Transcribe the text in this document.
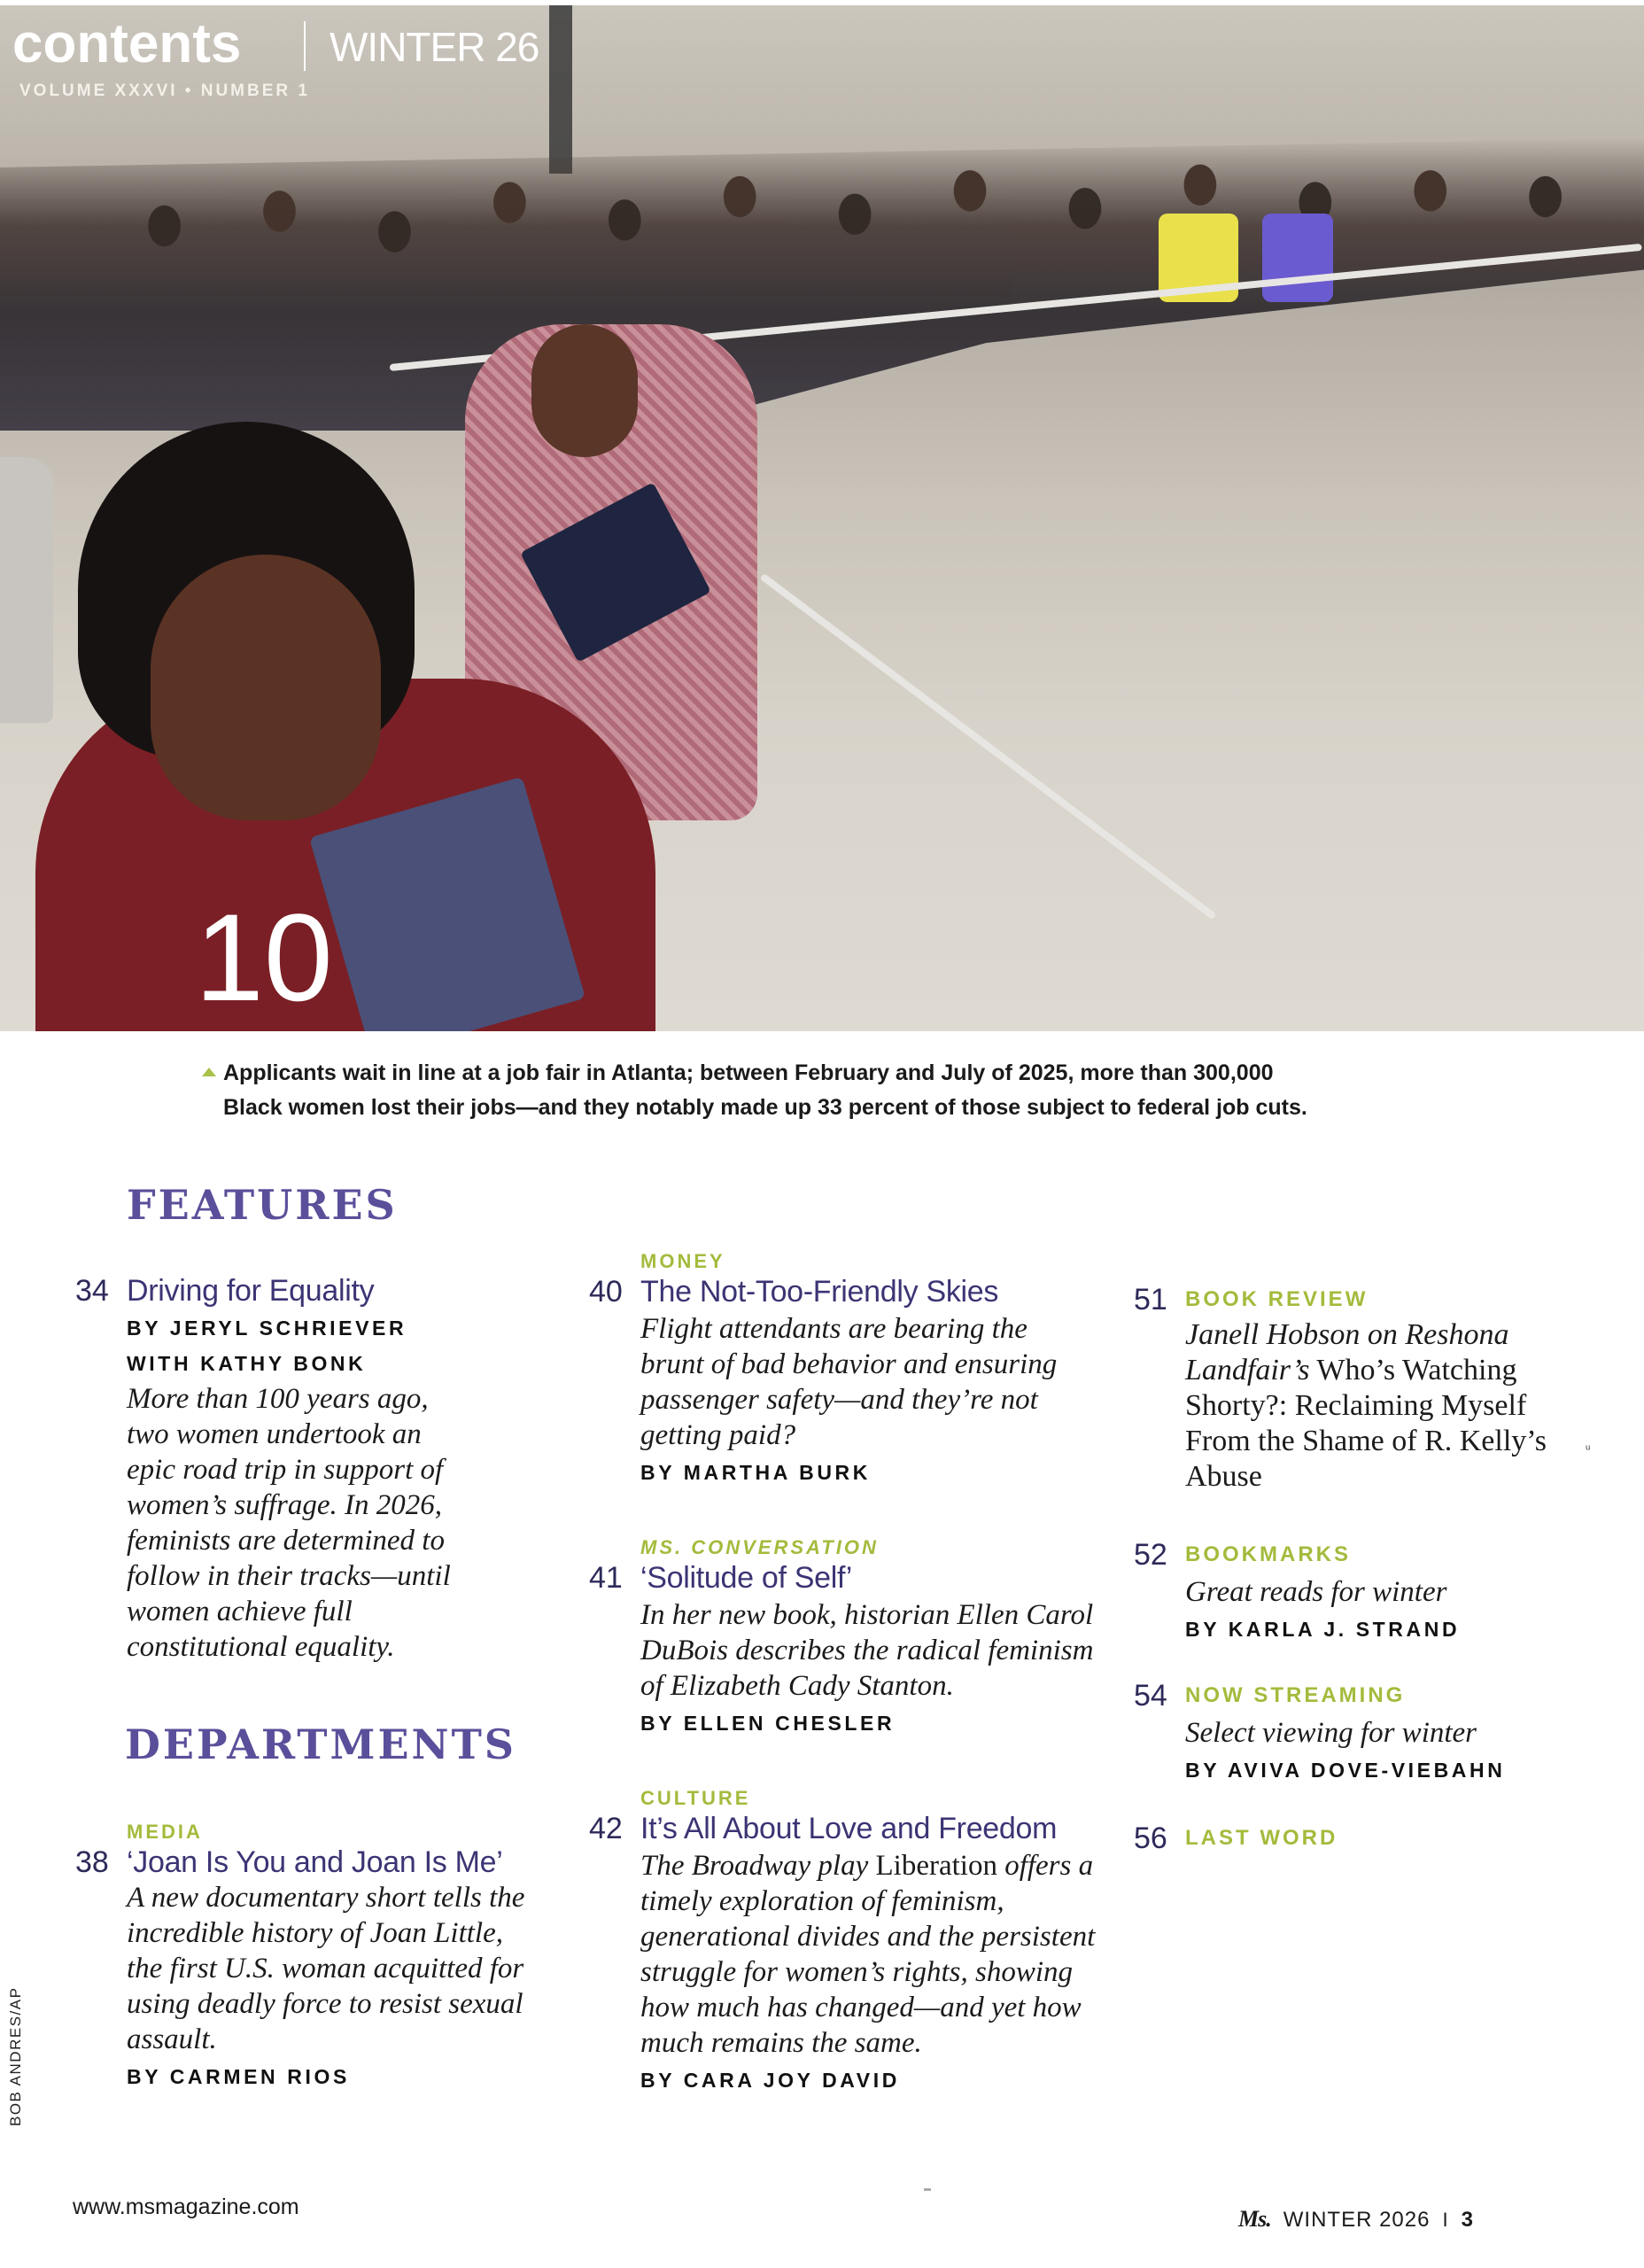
contents WINTER 26
VOLUME XXXVI • NUMBER 1
10
Applicants wait in line at a job fair in Atlanta; between February and July of 2025, more than 300,000
Black women lost their jobs—and they notably made up 33 percent of those subject to federal job cuts.
FEATURES
34 Driving for Equality
BY JERYL SCHRIEVER
WITH KATHY BONK
More than 100 years ago, two women undertook an epic road trip in support of women’s suffrage. In 2026, feminists are determined to follow in their tracks—until women achieve full constitutional equality.
DEPARTMENTS
MEDIA
38 ‘Joan Is You and Joan Is Me’
A new documentary short tells the incredible history of Joan Little, the first U.S. woman acquitted for using deadly force to resist sexual assault.
BY CARMEN RIOS
MONEY
40 The Not-Too-Friendly Skies
Flight attendants are bearing the brunt of bad behavior and ensuring passenger safety—and they’re not getting paid?
BY MARTHA BURK
MS. CONVERSATION
41 ‘Solitude of Self’
In her new book, historian Ellen Carol DuBois describes the radical feminism of Elizabeth Cady Stanton.
BY ELLEN CHESLER
CULTURE
42 It’s All About Love and Freedom
The Broadway play Liberation offers a timely exploration of feminism, generational divides and the persistent struggle for women’s rights, showing how much has changed—and yet how much remains the same.
BY CARA JOY DAVID
51 BOOK REVIEW
Janell Hobson on Reshona Landfair’s Who’s Watching Shorty?: Reclaiming Myself From the Shame of R. Kelly’s Abuse
52 BOOKMARKS
Great reads for winter
BY KARLA J. STRAND
54 NOW STREAMING
Select viewing for winter
BY AVIVA DOVE-VIEBAHN
56 LAST WORD
ᵘ
BOB ANDRES/AP
www.msmagazine.com	Ms. WINTER 2026 I 3
